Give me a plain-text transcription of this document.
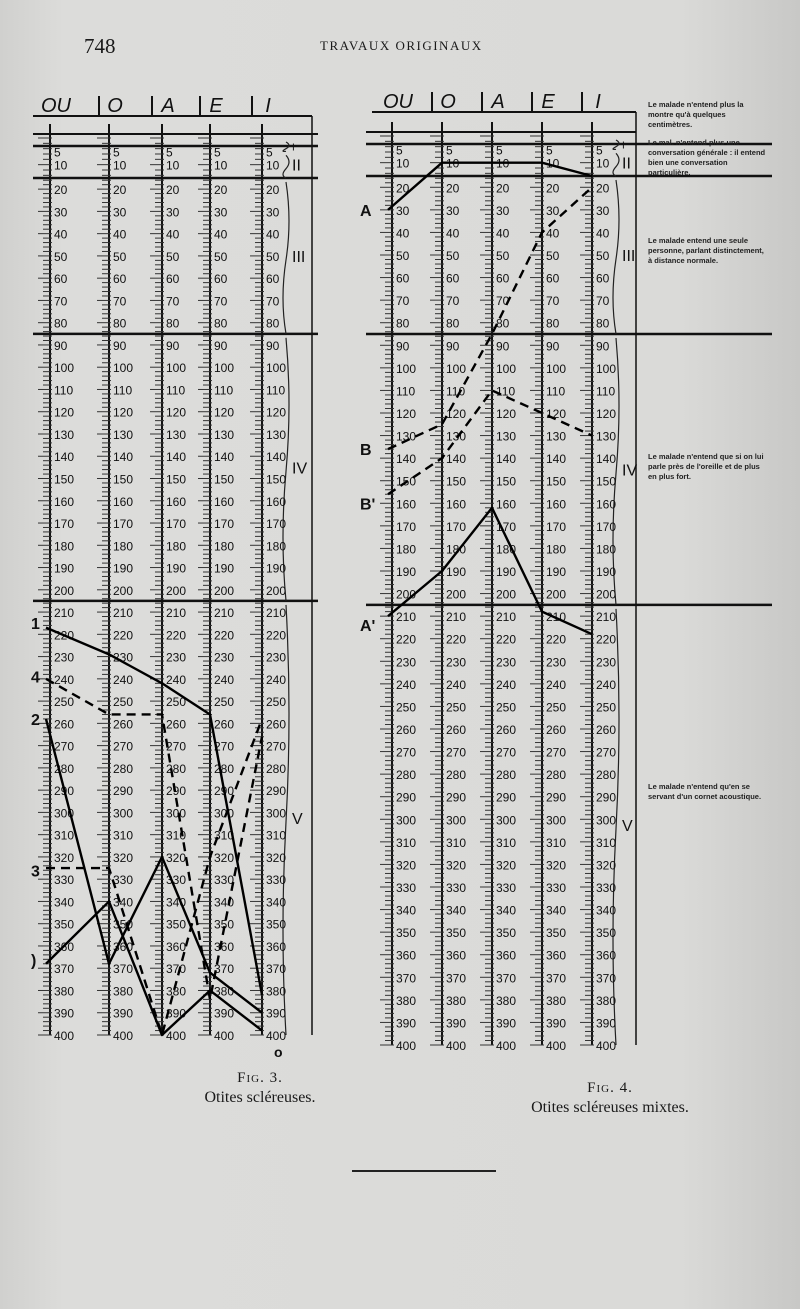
748	TRAVAUX ORIGINAUX
OU O A E I
I
II
III
IV
V
5
10
20
30
40
50
60
70
80
90
100
110
120
130
140
150
160
170
180
190
200
210
220
230
240
250
260
270
280
290
300
310
320
330
340
350
360
370
380
390
400
5
10
20
30
40
50
60
70
80
90
100
110
120
130
140
150
160
170
180
190
200
210
220
230
240
250
260
270
280
290
300
310
320
330
340
350
360
370
380
390
400
5
10
20
30
40
50
60
70
80
90
100
110
120
130
140
150
160
170
180
190
200
210
220
230
240
250
260
270
280
290
300
310
320
330
340
350
360
370
380
390
400
5
10
20
30
40
50
60
70
80
90
100
110
120
130
140
150
160
170
180
190
200
210
220
230
240
250
260
270
280
290
300
310
320
330
340
350
360
370
380
390
400
5
10
20
30
40
50
60
70
80
90
100
110
120
130
140
150
160
170
180
190
200
210
220
230
240
250
260
270
280
290
300
310
320
330
340
350
360
370
380
390
400
1
4
2
3
)
o
OU O A E I
I
II
III
IV
V
5
10
20
30
40
50
60
70
80
90
100
110
120
130
140
150
160
170
180
190
200
210
220
230
240
250
260
270
280
290
300
310
320
330
340
350
360
370
380
390
400
5
10
20
30
40
50
60
70
80
90
100
110
120
130
140
150
160
170
180
190
200
210
220
230
240
250
260
270
280
290
300
310
320
330
340
350
360
370
380
390
400
5
10
20
30
40
50
60
70
80
90
100
110
120
130
140
150
160
170
180
190
200
210
220
230
240
250
260
270
280
290
300
310
320
330
340
350
360
370
380
390
400
5
10
20
30
40
50
60
70
80
90
100
110
120
130
140
150
160
170
180
190
200
210
220
230
240
250
260
270
280
290
300
310
320
330
340
350
360
370
380
390
400
5
10
20
30
40
50
60
70
80
90
100
110
120
130
140
150
160
170
180
190
200
210
220
230
240
250
260
270
280
290
300
310
320
330
340
350
360
370
380
390
400
A
B
B'
A'
Fig. 3.
Otites scléreuses.
Fig. 4.
Otites scléreuses mixtes.
Le malade n'entend plus la montre qu'à quelques centimètres.
Le mal. n'entend plus une conversation générale : il entend bien une conversation particulière.
Le malade entend une seule personne, parlant distinctement, à distance normale.
Le malade n'entend que si on lui parle près de l'oreille et de plus en plus fort.
Le malade n'entend qu'en se servant d'un cornet acoustique.
